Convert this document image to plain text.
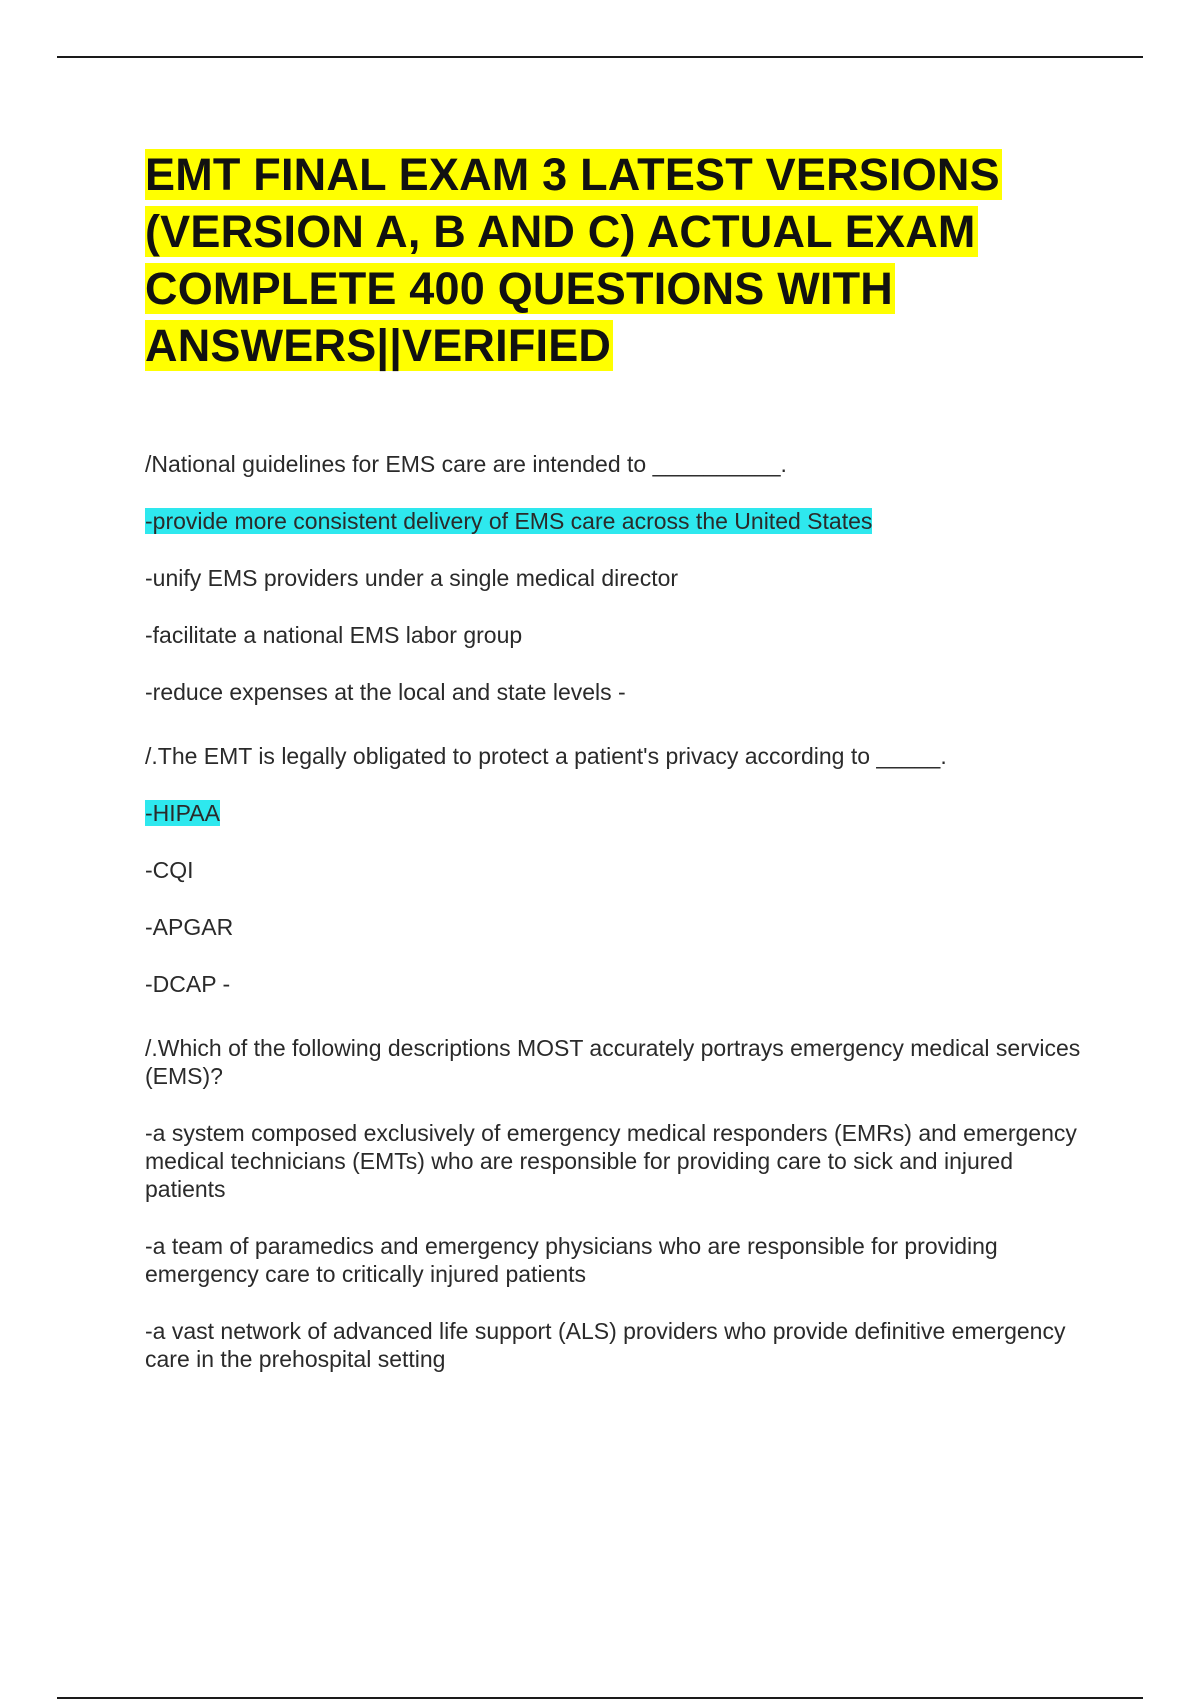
EMT FINAL EXAM 3 LATEST VERSIONS (VERSION A, B AND C) ACTUAL EXAM COMPLETE 400 QUESTIONS WITH ANSWERS||VERIFIED

/National guidelines for EMS care are intended to __________.

-provide more consistent delivery of EMS care across the United States

-unify EMS providers under a single medical director

-facilitate a national EMS labor group

-reduce expenses at the local and state levels -

/.The EMT is legally obligated to protect a patient's privacy according to _____.

-HIPAA

-CQI

-APGAR

-DCAP -

/.Which of the following descriptions MOST accurately portrays emergency medical services (EMS)?

-a system composed exclusively of emergency medical responders (EMRs) and emergency medical technicians (EMTs) who are responsible for providing care to sick and injured patients

-a team of paramedics and emergency physicians who are responsible for providing emergency care to critically injured patients

-a vast network of advanced life support (ALS) providers who provide definitive emergency care in the prehospital setting
